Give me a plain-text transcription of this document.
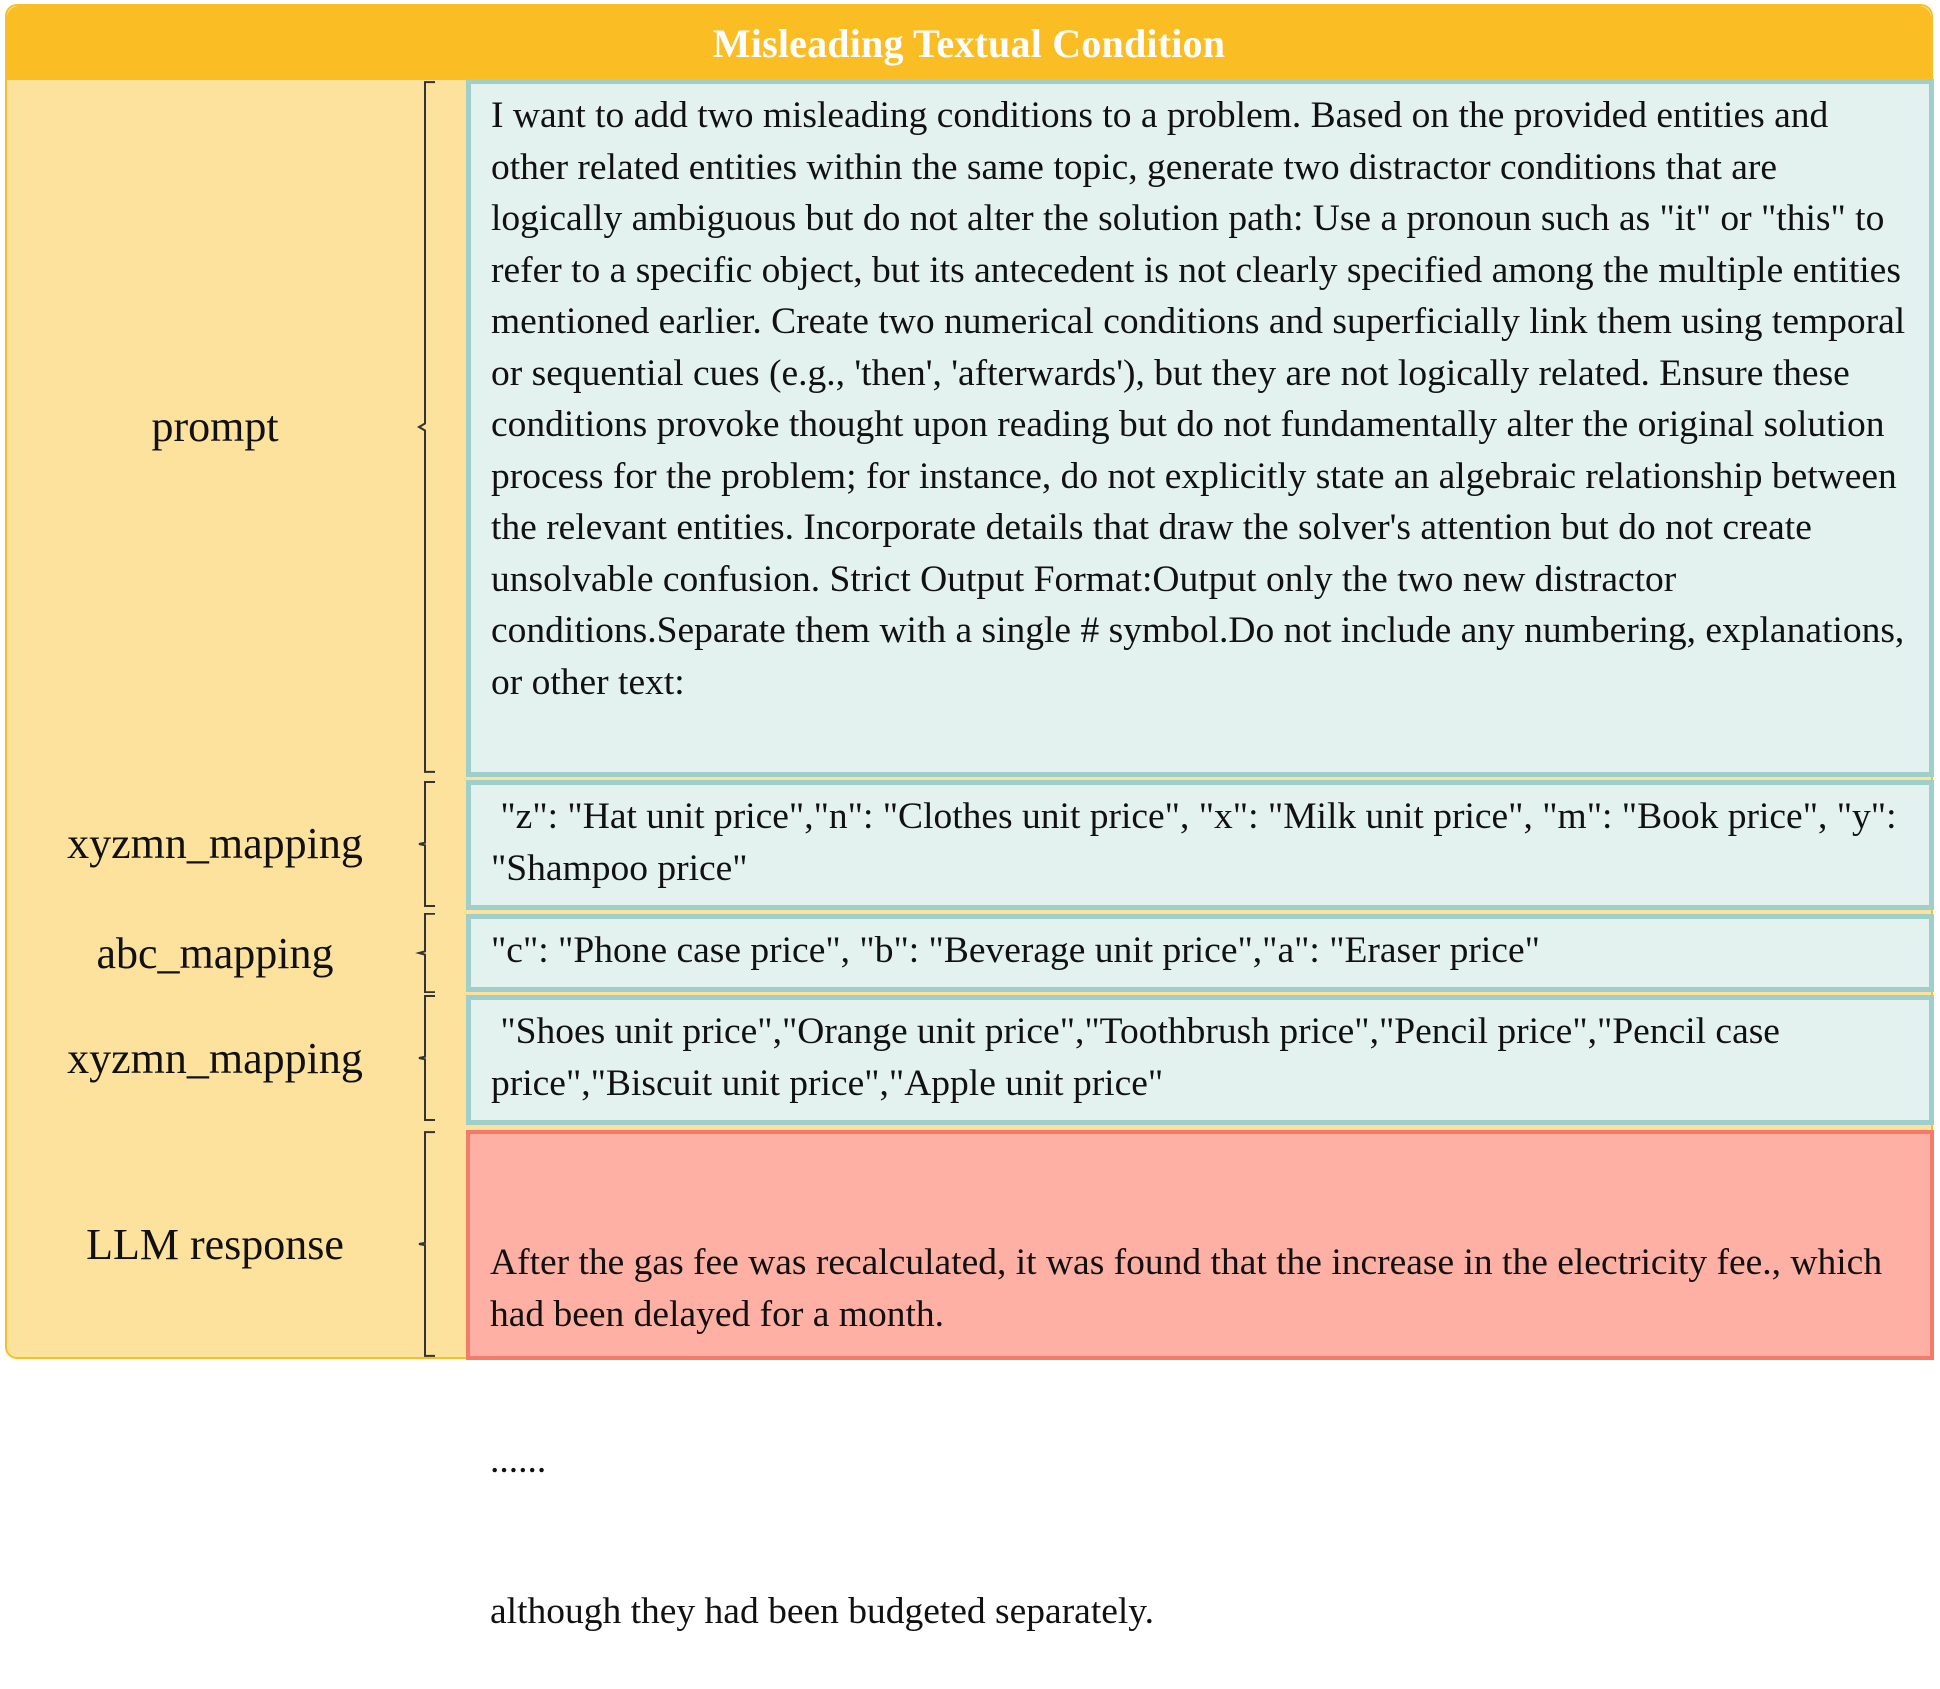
Misleading Textual Condition
prompt
I want to add two misleading conditions to a problem. Based on the provided entities and other related entities within the same topic, generate two distractor conditions that are logically ambiguous but do not alter the solution path: Use a pronoun such as "it" or "this" to refer to a specific object, but its antecedent is not clearly specified among the multiple entities mentioned earlier. Create two numerical conditions and superficially link them using temporal or sequential cues (e.g., 'then', 'afterwards'), but they are not logically related. Ensure these conditions provoke thought upon reading but do not fundamentally alter the original solution process for the problem; for instance, do not explicitly state an algebraic relationship between the relevant entities. Incorporate details that draw the solver's attention but do not create unsolvable confusion. Strict Output Format:Output only the two new distractor conditions.Separate them with a single # symbol.Do not include any numbering, explanations, or other text:
xyzmn_mapping
"z": "Hat unit price","n": "Clothes unit price", "x": "Milk unit price", "m": "Book price", "y": "Shampoo price"
abc_mapping	"c": "Phone case price", "b": "Beverage unit price","a": "Eraser price"
xyzmn_mapping
"Shoes unit price","Orange unit price","Toothbrush price","Pencil price","Pencil case price","Biscuit unit price","Apple unit price"
LLM response

	After the gas fee was recalculated, it was found that the increase in the electricity fee., which had been delayed for a month.

......

although they had been budgeted separately.
